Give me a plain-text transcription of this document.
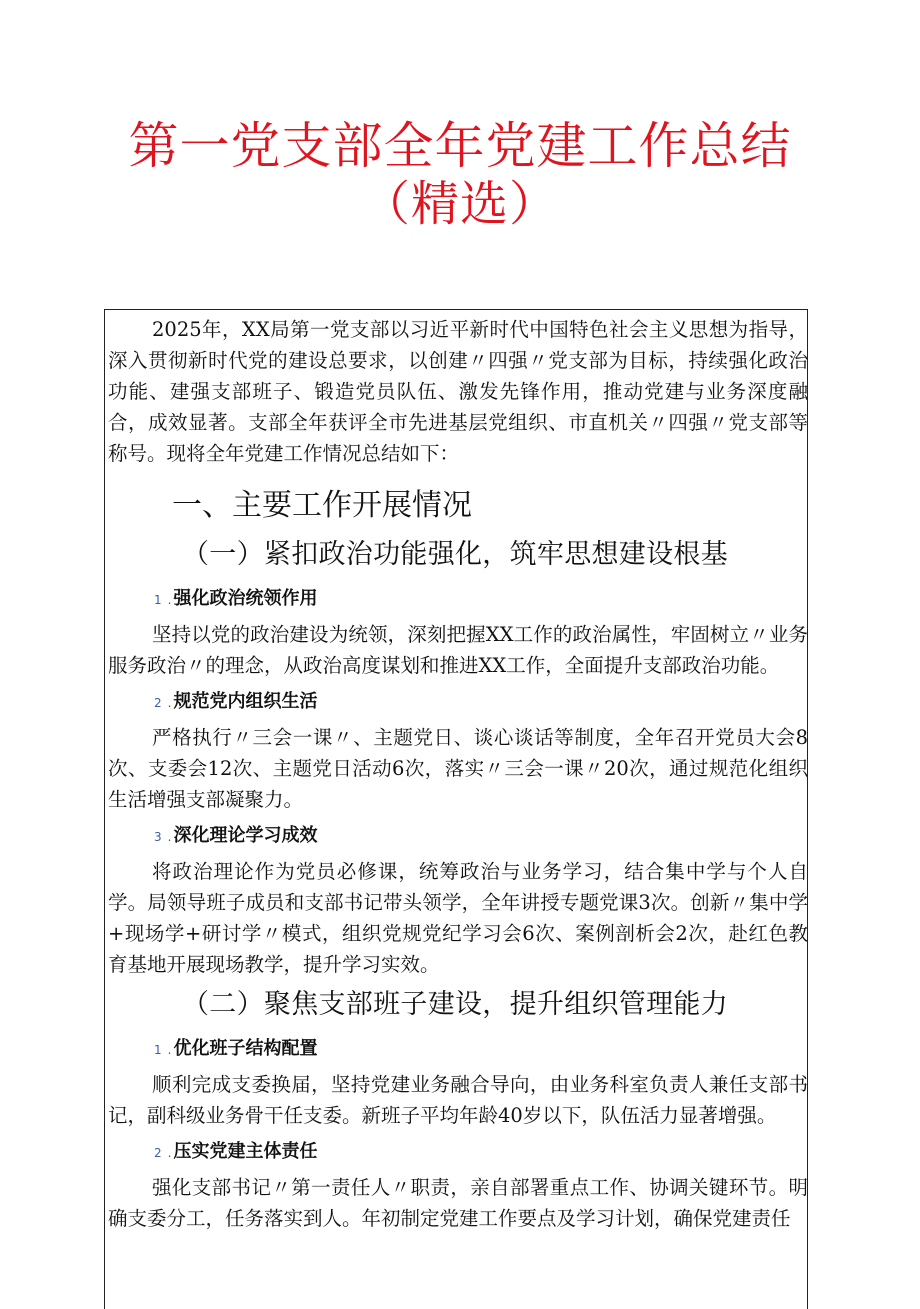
第一党支部全年党建工作总结
（精选）

2025年，XX局第一党支部以习近平新时代中国特色社会主义思想为指导，深入贯彻新时代党的建设总要求，以创建〃四强〃党支部为目标，持续强化政治功能、建强支部班子、锻造党员队伍、激发先锋作用，推动党建与业务深度融合，成效显著。支部全年获评全市先进基层党组织、市直机关〃四强〃党支部等称号。现将全年党建工作情况总结如下：

一、主要工作开展情况
（一）紧扣政治功能强化，筑牢思想建设根基
1 . 强化政治统领作用

坚持以党的政治建设为统领，深刻把握XX工作的政治属性，牢固树立〃业务服务政治〃的理念，从政治高度谋划和推进XX工作，全面提升支部政治功能。

2 . 规范党内组织生活

严格执行〃三会一课〃、主题党日、谈心谈话等制度，全年召开党员大会8次、支委会12次、主题党日活动6次，落实〃三会一课〃20次，通过规范化组织生活增强支部凝聚力。

3 . 深化理论学习成效

将政治理论作为党员必修课，统筹政治与业务学习，结合集中学与个人自学。局领导班子成员和支部书记带头领学，全年讲授专题党课3次。创新〃集中学+现场学+研讨学〃模式，组织党规党纪学习会6次、案例剖析会2次，赴红色教育基地开展现场教学，提升学习实效。

（二）聚焦支部班子建设，提升组织管理能力
1 . 优化班子结构配置

顺利完成支委换届，坚持党建业务融合导向，由业务科室负责人兼任支部书记，副科级业务骨干任支委。新班子平均年龄40岁以下，队伍活力显著增强。

2 . 压实党建主体责任

强化支部书记〃第一责任人〃职责，亲自部署重点工作、协调关键环节。明确支委分工，任务落实到人。年初制定党建工作要点及学习计划，确保党建责任
